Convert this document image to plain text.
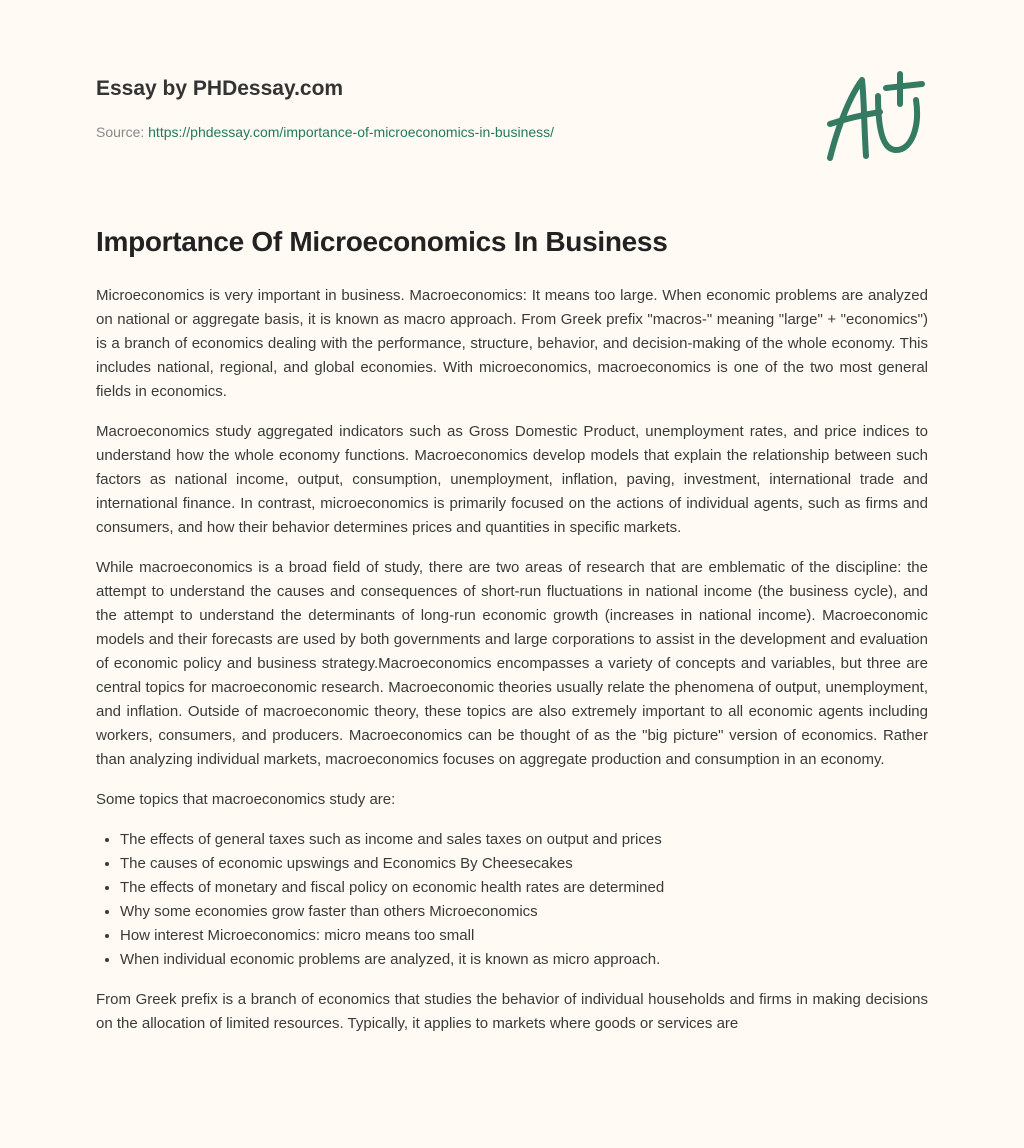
Essay by PHDessay.com
Source: https://phdessay.com/importance-of-microeconomics-in-business/
Importance Of Microeconomics In Business

Microeconomics is very important in business. Macroeconomics: It means too large. When economic problems are analyzed on national or aggregate basis, it is known as macro approach. From Greek prefix "macros-" meaning "large" + "economics") is a branch of economics dealing with the performance, structure, behavior, and decision-making of the whole economy. This includes national, regional, and global economies. With microeconomics, macroeconomics is one of the two most general fields in economics.

Macroeconomics study aggregated indicators such as Gross Domestic Product, unemployment rates, and price indices to understand how the whole economy functions. Macroeconomics develop models that explain the relationship between such factors as national income, output, consumption, unemployment, inflation, paving, investment, international trade and international finance. In contrast, microeconomics is primarily focused on the actions of individual agents, such as firms and consumers, and how their behavior determines prices and quantities in specific markets.

While macroeconomics is a broad field of study, there are two areas of research that are emblematic of the discipline: the attempt to understand the causes and consequences of short-run fluctuations in national income (the business cycle), and the attempt to understand the determinants of long-run economic growth (increases in national income). Macroeconomic models and their forecasts are used by both governments and large corporations to assist in the development and evaluation of economic policy and business strategy.Macroeconomics encompasses a variety of concepts and variables, but three are central topics for macroeconomic research. Macroeconomic theories usually relate the phenomena of output, unemployment, and inflation. Outside of macroeconomic theory, these topics are also extremely important to all economic agents including workers, consumers, and producers. Macroeconomics can be thought of as the "big picture" version of economics. Rather than analyzing individual markets, macroeconomics focuses on aggregate production and consumption in an economy.

Some topics that macroeconomics study are:

• The effects of general taxes such as income and sales taxes on output and prices
• The causes of economic upswings and Economics By Cheesecakes
• The effects of monetary and fiscal policy on economic health rates are determined
• Why some economies grow faster than others Microeconomics
• How interest Microeconomics: micro means too small
• When individual economic problems are analyzed, it is known as micro approach.

From Greek prefix is a branch of economics that studies the behavior of individual households and firms in making decisions on the allocation of limited resources. Typically, it applies to markets where goods or services are
